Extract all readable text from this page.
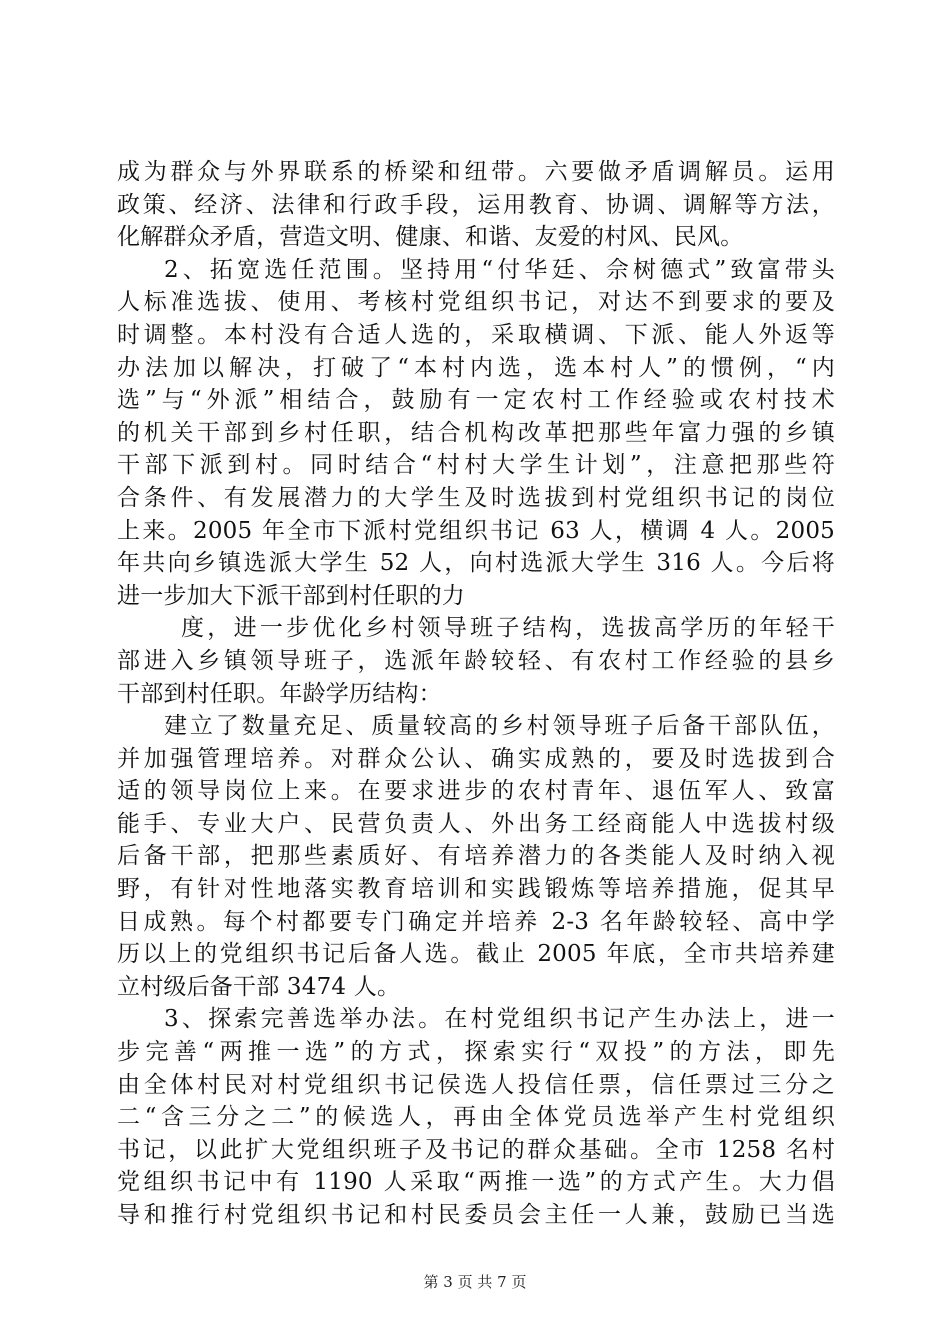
成为群众与外界联系的桥梁和纽带。六要做矛盾调解员。运用
政策、经济、法律和行政手段，运用教育、协调、调解等方法，
化解群众矛盾，营造文明、健康、和谐、友爱的村风、民风。
2、拓宽选任范围。坚持用“付华廷、佘树德式”致富带头
人标准选拔、使用、考核村党组织书记，对达不到要求的要及
时调整。本村没有合适人选的，采取横调、下派、能人外返等
办法加以解决，打破了“本村内选，选本村人”的惯例，“内
选”与“外派”相结合，鼓励有一定农村工作经验或农村技术
的机关干部到乡村任职，结合机构改革把那些年富力强的乡镇
干部下派到村。同时结合“村村大学生计划”，注意把那些符
合条件、有发展潜力的大学生及时选拔到村党组织书记的岗位
上来。2005 年全市下派村党组织书记 63 人，横调 4 人。2005
年共向乡镇选派大学生 52 人，向村选派大学生 316 人。今后将
进一步加大下派干部到村任职的力
度，进一步优化乡村领导班子结构，选拔高学历的年轻干
部进入乡镇领导班子，选派年龄较轻、有农村工作经验的县乡
干部到村任职。年龄学历结构：
建立了数量充足、质量较高的乡村领导班子后备干部队伍，
并加强管理培养。对群众公认、确实成熟的，要及时选拔到合
适的领导岗位上来。在要求进步的农村青年、退伍军人、致富
能手、专业大户、民营负责人、外出务工经商能人中选拔村级
后备干部，把那些素质好、有培养潜力的各类能人及时纳入视
野，有针对性地落实教育培训和实践锻炼等培养措施，促其早
日成熟。每个村都要专门确定并培养 2-3 名年龄较轻、高中学
历以上的党组织书记后备人选。截止 2005 年底，全市共培养建
立村级后备干部 3474 人。
3、探索完善选举办法。在村党组织书记产生办法上，进一
步完善“两推一选”的方式，探索实行“双投”的方法，即先
由全体村民对村党组织书记侯选人投信任票，信任票过三分之
二“含三分之二”的候选人，再由全体党员选举产生村党组织
书记，以此扩大党组织班子及书记的群众基础。全市 1258 名村
党组织书记中有 1190 人采取“两推一选”的方式产生。大力倡
导和推行村党组织书记和村民委员会主任一人兼，鼓励已当选
第 3 页 共 7 页
